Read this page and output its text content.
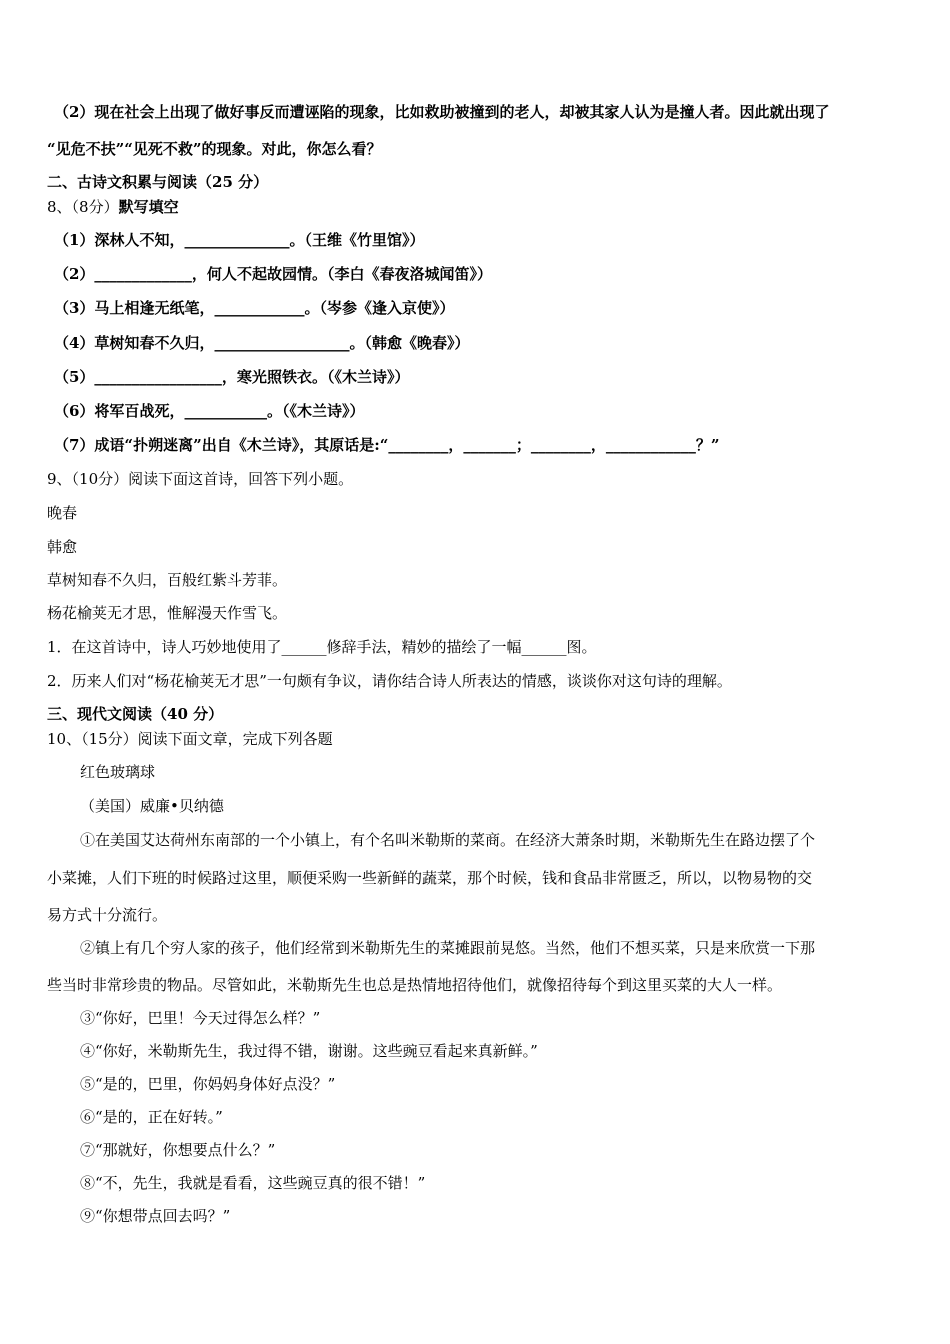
（2）现在社会上出现了做好事反而遭诬陷的现象，比如救助被撞到的老人，却被其家人认为是撞人者。因此就出现了
“见危不扶”“见死不救”的现象。对此，你怎么看？
二、古诗文积累与阅读（25 分）
8、（8分）默写填空
（1）深林人不知，______________。（王维《竹里馆》）
（2）_____________，何人不起故园情。（李白《春夜洛城闻笛》）
（3）马上相逢无纸笔，____________。（岑参《逢入京使》）
（4）草树知春不久归，__________________。（韩愈《晚春》）
（5）_________________，寒光照铁衣。（《木兰诗》）
（6）将军百战死，___________。（《木兰诗》）
（7）成语“扑朔迷离”出自《木兰诗》，其原话是:“________，_______；________，____________？”
9、（10分）阅读下面这首诗，回答下列小题。
晚春
韩愈
草树知春不久归，百般红紫斗芳菲。
杨花榆荚无才思，惟解漫天作雪飞。
1．在这首诗中，诗人巧妙地使用了______修辞手法，精妙的描绘了一幅______图。
2．历来人们对“杨花榆荚无才思”一句颇有争议，请你结合诗人所表达的情感，谈谈你对这句诗的理解。
三、现代文阅读（40 分）
10、（15分）阅读下面文章，完成下列各题
红色玻璃球
（美国）威廉•贝纳德
①在美国艾达荷州东南部的一个小镇上，有个名叫米勒斯的菜商。在经济大萧条时期，米勒斯先生在路边摆了个
小菜摊，人们下班的时候路过这里，顺便采购一些新鲜的蔬菜，那个时候，钱和食品非常匮乏，所以，以物易物的交
易方式十分流行。
②镇上有几个穷人家的孩子，他们经常到米勒斯先生的菜摊跟前晃悠。当然，他们不想买菜，只是来欣赏一下那
些当时非常珍贵的物品。尽管如此，米勒斯先生也总是热情地招待他们，就像招待每个到这里买菜的大人一样。
③“你好，巴里！今天过得怎么样？”
④“你好，米勒斯先生，我过得不错，谢谢。这些豌豆看起来真新鲜。”
⑤“是的，巴里，你妈妈身体好点没？”
⑥“是的，正在好转。”
⑦“那就好，你想要点什么？”
⑧“不，先生，我就是看看，这些豌豆真的很不错！”
⑨“你想带点回去吗？”
